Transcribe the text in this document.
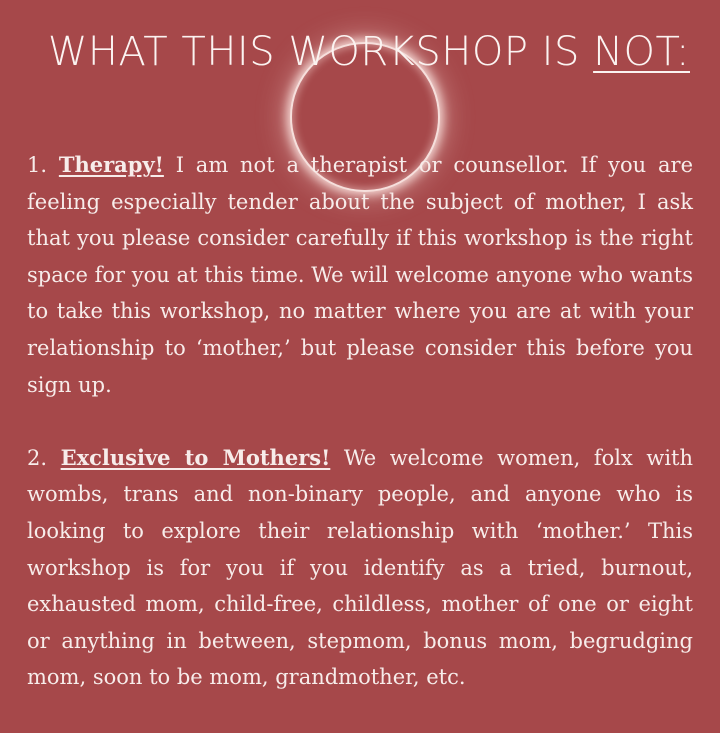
WHAT THIS WORKSHOP IS NOT:

1. Therapy! I am not a therapist or counsellor. If you are feeling especially tender about the subject of mother, I ask that you please consider carefully if this workshop is the right space for you at this time. We will welcome anyone who wants to take this workshop, no matter where you are at with your relationship to ‘mother,’ but please consider this before you sign up.

2. Exclusive to Mothers! We welcome women, folx with wombs, trans and non-binary people, and anyone who is looking to explore their relationship with ‘mother.’ This workshop is for you if you identify as a tried, burnout, exhausted mom, child-free, childless, mother of one or eight or anything in between, stepmom, bonus mom, begrudging mom, soon to be mom, grandmother, etc.
